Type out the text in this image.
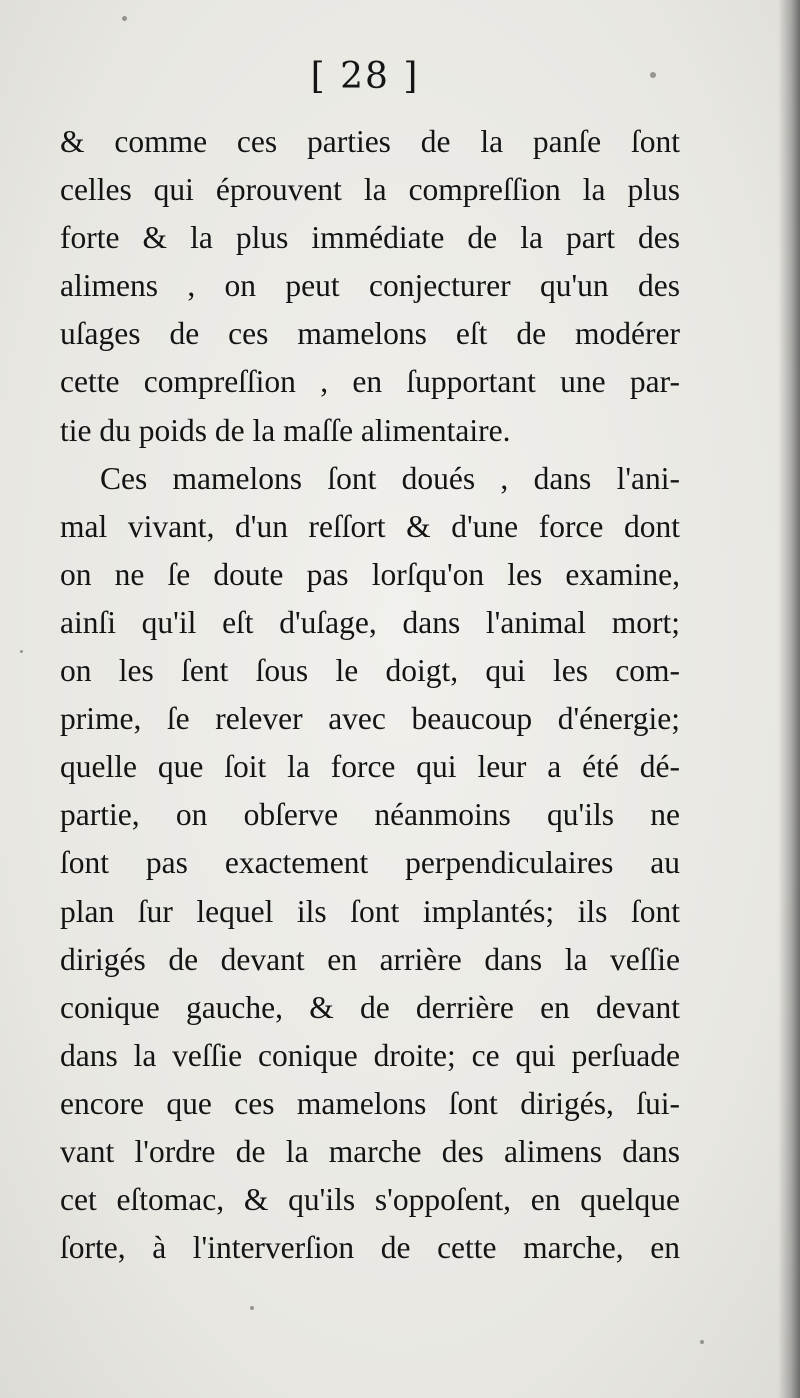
[ 28 ]
& comme ces parties de la panſe ſont
celles qui éprouvent la compreſſion la plus
forte & la plus immédiate de la part des
alimens , on peut conjecturer qu'un des
uſages de ces mamelons eſt de modérer
cette compreſſion , en ſupportant une par-
tie du poids de la maſſe alimentaire.
Ces mamelons ſont doués , dans l'ani-
mal vivant, d'un reſſort & d'une force dont
on ne ſe doute pas lorſqu'on les examine,
ainſi qu'il eſt d'uſage, dans l'animal mort;
on les ſent ſous le doigt, qui les com-
prime, ſe relever avec beaucoup d'énergie;
quelle que ſoit la force qui leur a été dé-
partie, on obſerve néanmoins qu'ils ne
ſont pas exactement perpendiculaires au
plan ſur lequel ils ſont implantés; ils ſont
dirigés de devant en arrière dans la veſſie
conique gauche, & de derrière en devant
dans la veſſie conique droite; ce qui perſuade
encore que ces mamelons ſont dirigés, ſui-
vant l'ordre de la marche des alimens dans
cet eſtomac, & qu'ils s'oppoſent, en quelque
ſorte, à l'interverſion de cette marche, en
